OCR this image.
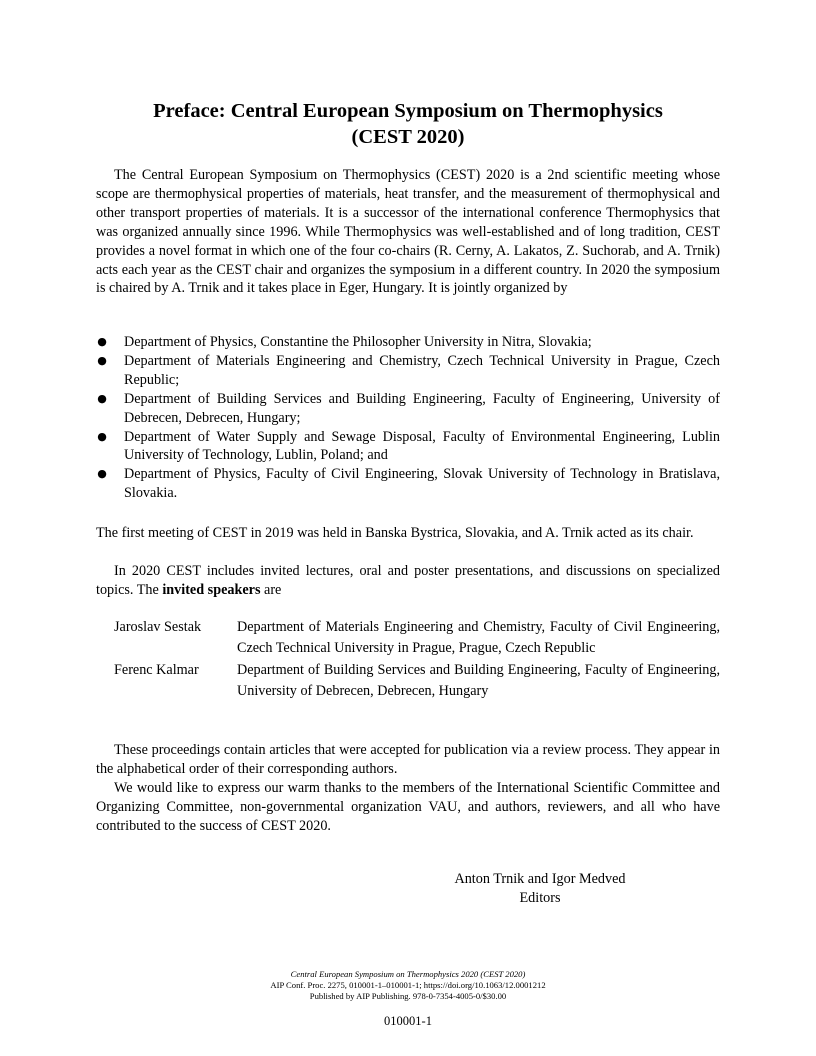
Preface: Central European Symposium on Thermophysics
(CEST 2020)

The Central European Symposium on Thermophysics (CEST) 2020 is a 2nd scientific meeting whose scope are thermophysical properties of materials, heat transfer, and the measurement of thermophysical and other transport properties of materials. It is a successor of the international conference Thermophysics that was organized annually since 1996. While Thermophysics was well-established and of long tradition, CEST provides a novel format in which one of the four co-chairs (R. Cerny, A. Lakatos, Z. Suchorab, and A. Trnik) acts each year as the CEST chair and organizes the symposium in a different country. In 2020 the symposium is chaired by A. Trnik and it takes place in Eger, Hungary. It is jointly organized by

● Department of Physics, Constantine the Philosopher University in Nitra, Slovakia;
● Department of Materials Engineering and Chemistry, Czech Technical University in Prague, Czech Republic;
● Department of Building Services and Building Engineering, Faculty of Engineering, University of Debrecen, Debrecen, Hungary;
● Department of Water Supply and Sewage Disposal, Faculty of Environmental Engineering, Lublin University of Technology, Lublin, Poland; and
● Department of Physics, Faculty of Civil Engineering, Slovak University of Technology in Bratislava, Slovakia.

The first meeting of CEST in 2019 was held in Banska Bystrica, Slovakia, and A. Trnik acted as its chair.

In 2020 CEST includes invited lectures, oral and poster presentations, and discussions on specialized topics. The invited speakers are

Jaroslav Sestak	Department of Materials Engineering and Chemistry, Faculty of Civil Engineering, Czech Technical University in Prague, Prague, Czech Republic
Ferenc Kalmar	Department of Building Services and Building Engineering, Faculty of Engineering, University of Debrecen, Debrecen, Hungary

These proceedings contain articles that were accepted for publication via a review process. They appear in the alphabetical order of their corresponding authors.

We would like to express our warm thanks to the members of the International Scientific Committee and Organizing Committee, non-governmental organization VAU, and authors, reviewers, and all who have contributed to the success of CEST 2020.

Anton Trnik and Igor Medved
Editors
Central European Symposium on Thermophysics 2020 (CEST 2020)
AIP Conf. Proc. 2275, 010001-1–010001-1; https://doi.org/10.1063/12.0001212
Published by AIP Publishing. 978-0-7354-4005-0/$30.00
010001-1
